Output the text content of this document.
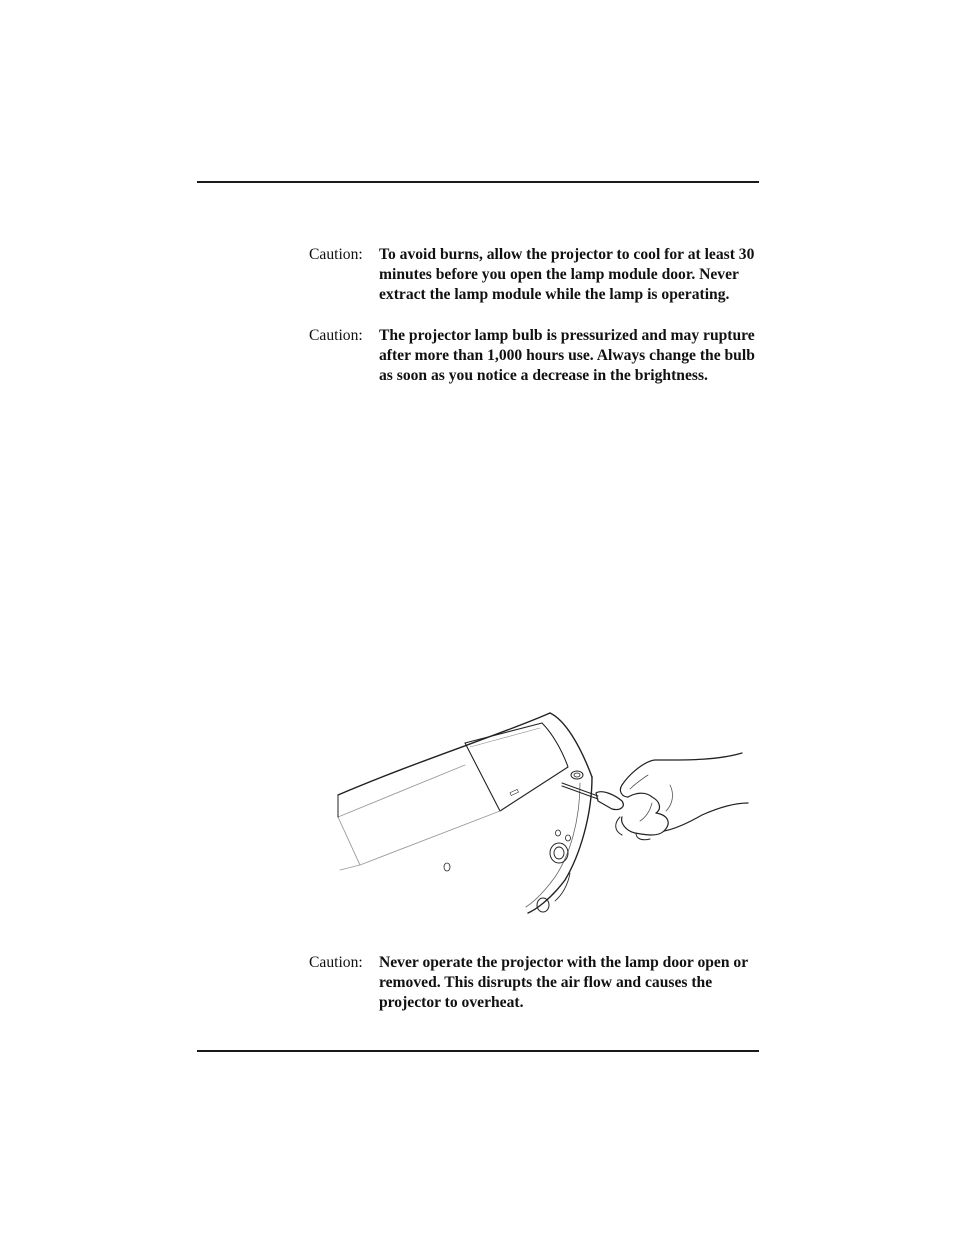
Caution:	To avoid burns, allow the projector to cool for at least 30 minutes before you open the lamp module door. Never extract the lamp module while the lamp is operating.
Caution:	The projector lamp bulb is pressurized and may rupture after more than 1,000 hours use. Always change the bulb as soon as you notice a decrease in the brightness.
Caution:	Never operate the projector with the lamp door open or removed. This disrupts the air flow and causes the projector to overheat.
